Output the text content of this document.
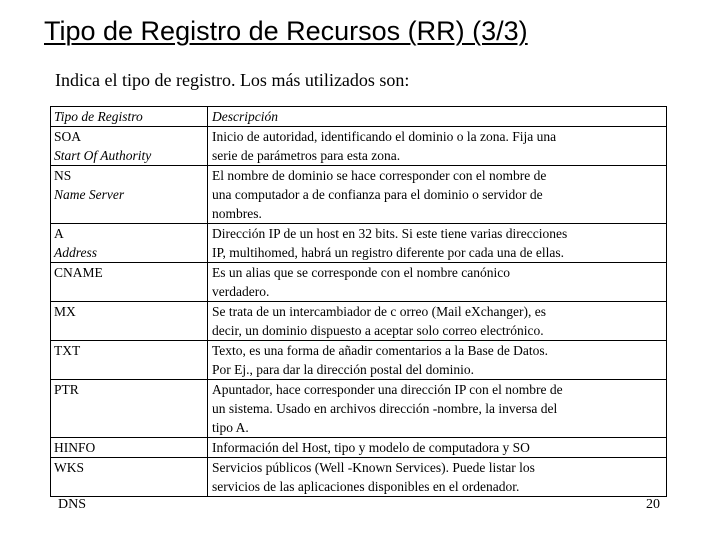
Tipo de Registro de Recursos (RR) (3/3)

Indica el tipo de registro. Los más utilizados son:

Tipo de Registro	Descripción

SOA
Start Of Authority	Inicio de autoridad, identificando el dominio o la zona. Fija una
serie de parámetros para esta zona.

NS
Name Server	El nombre de dominio se hace corresponder con el nombre de
una computador a de confianza para el dominio o servidor de
nombres.

A
Address	Dirección IP de un host en 32 bits. Si este tiene varias direcciones
IP, multihomed, habrá un registro diferente por cada una de ellas.

CNAME	Es un alias que se corresponde con el nombre canónico
verdadero.

MX	Se trata de un intercambiador de c orreo (Mail eXchanger), es
decir, un dominio dispuesto a aceptar solo correo electrónico.

TXT	Texto, es una forma de añadir comentarios a la Base de Datos.
Por Ej., para dar la dirección postal del dominio.

PTR	Apuntador, hace corresponder una dirección IP con el nombre de
un sistema. Usado en archivos dirección -nombre, la inversa del
tipo A.

HINFO	Información del Host, tipo y modelo de computadora y SO

WKS	Servicios públicos (Well -Known Services). Puede listar los
servicios de las aplicaciones disponibles en el ordenador.
DNS	20
